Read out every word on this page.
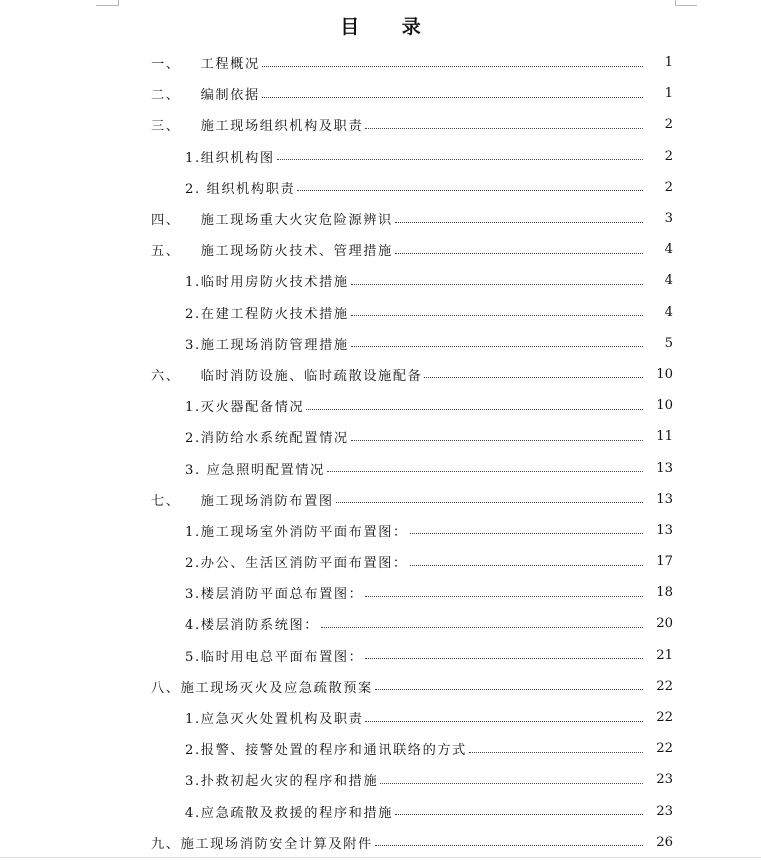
目 录
一、 工程概况	1
二、 编制依据	1
三、 施工现场组织机构及职责	2
1.组织机构图	2
2. 组织机构职责	2
四、 施工现场重大火灾危险源辨识	3
五、 施工现场防火技术、管理措施	4
1.临时用房防火技术措施	4
2.在建工程防火技术措施	4
3.施工现场消防管理措施	5
六、 临时消防设施、临时疏散设施配备	10
1.灭火器配备情况	10
2.消防给水系统配置情况	11
3. 应急照明配置情况	13
七、 施工现场消防布置图	13
1.施工现场室外消防平面布置图：	13
2.办公、生活区消防平面布置图：	17
3.楼层消防平面总布置图：	18
4.楼层消防系统图：	20
5.临时用电总平面布置图：	21
八、施工现场灭火及应急疏散预案	22
1.应急灭火处置机构及职责	22
2.报警、接警处置的程序和通讯联络的方式	22
3.扑救初起火灾的程序和措施	23
4.应急疏散及救援的程序和措施	23
九、施工现场消防安全计算及附件	26
